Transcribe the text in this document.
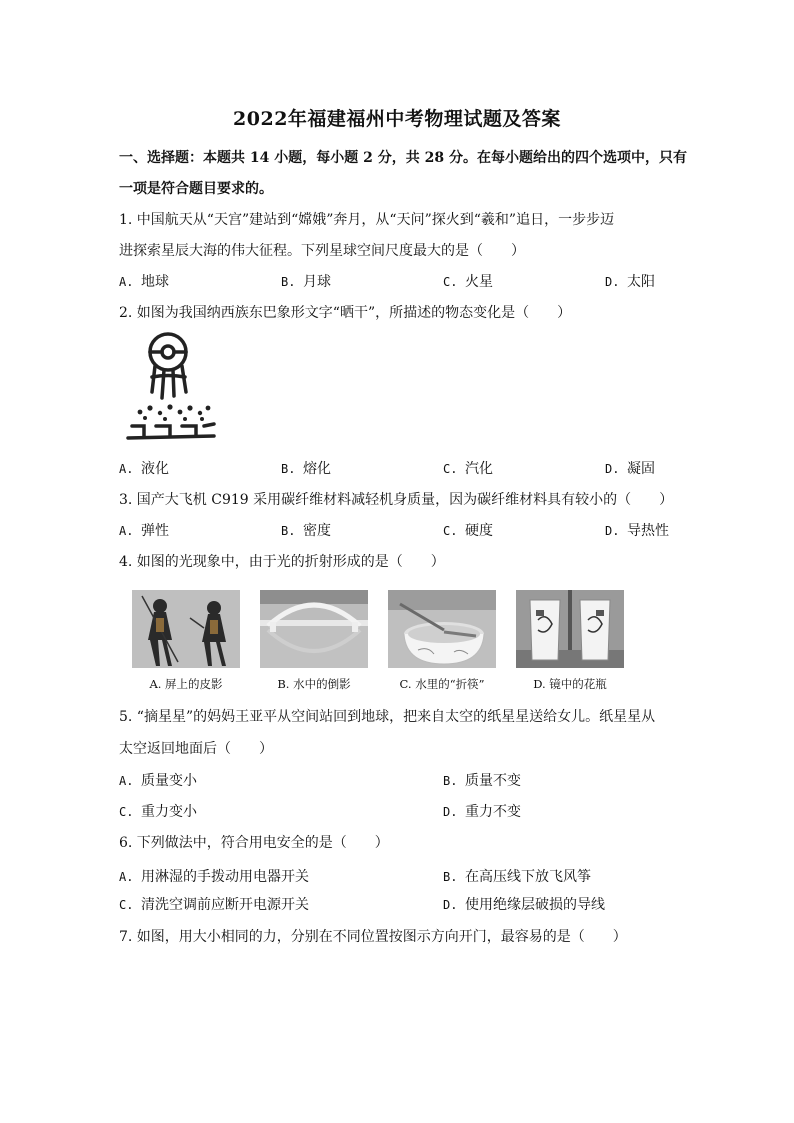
2022年福建福州中考物理试题及答案
一、选择题：本题共 14 小题，每小题 2 分，共 28 分。在每小题给出的四个选项中，只有
一项是符合题目要求的。
1. 中国航天从“天宫”建站到“嫦娥”奔月，从“天问”探火到“羲和”追日，一步步迈
进探索星辰大海的伟大征程。下列星球空间尺度最大的是（　　）
A. 地球	B. 月球	C. 火星	D. 太阳
2. 如图为我国纳西族东巴象形文字“晒干”，所描述的物态变化是（　　）
A. 液化	B. 熔化	C. 汽化	D. 凝固
3. 国产大飞机 C919 采用碳纤维材料减轻机身质量，因为碳纤维材料具有较小的（　　）
A. 弹性	B. 密度	C. 硬度	D. 导热性
4. 如图的光现象中，由于光的折射形成的是（　　）
A. 屏上的皮影	B. 水中的倒影	C. 水里的“折筷”	D. 镜中的花瓶
5. “摘星星”的妈妈王亚平从空间站回到地球，把来自太空的纸星星送给女儿。纸星星从
太空返回地面后（　　）
A. 质量变小	B. 质量不变
C. 重力变小	D. 重力不变
6. 下列做法中，符合用电安全的是（　　）
A. 用淋湿的手拨动用电器开关	B. 在高压线下放飞风筝
C. 清洗空调前应断开电源开关	D. 使用绝缘层破损的导线
7. 如图，用大小相同的力，分别在不同位置按图示方向开门，最容易的是（　　）
